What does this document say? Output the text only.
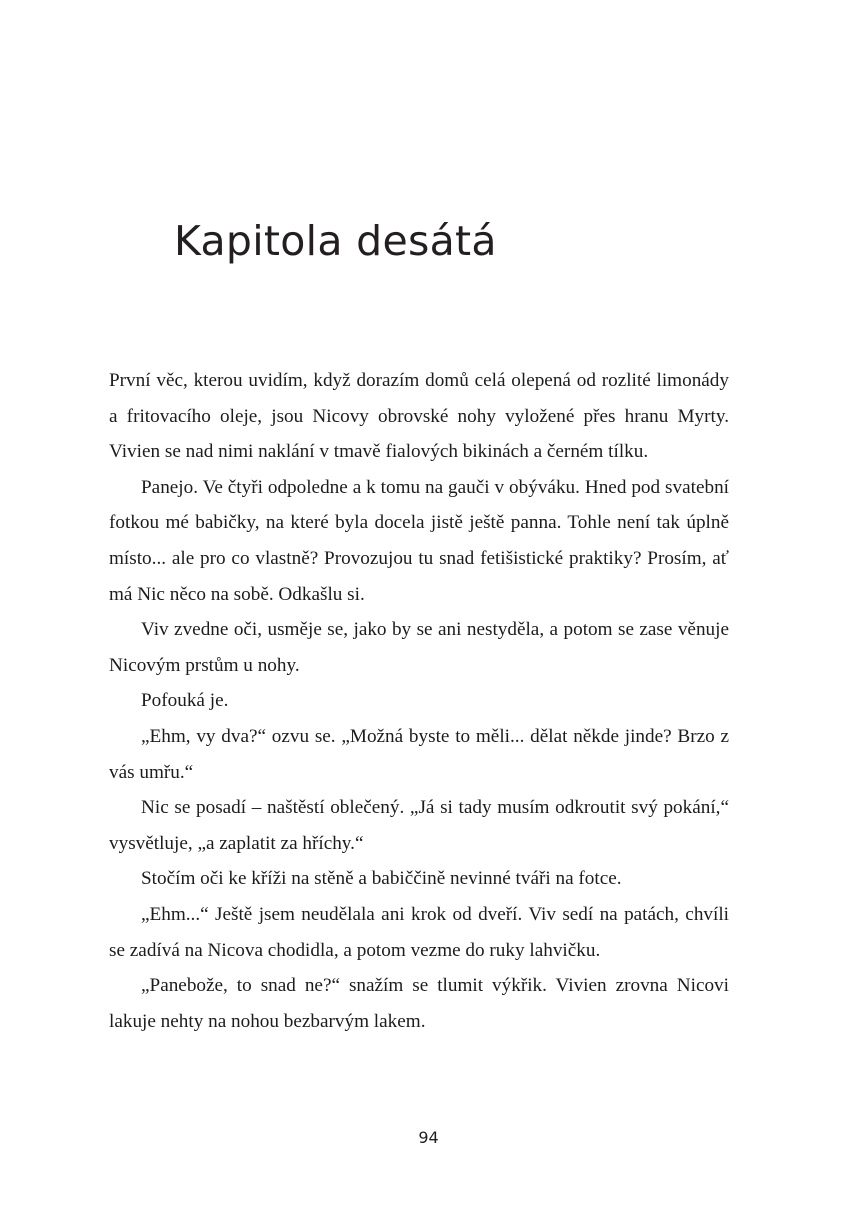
Kapitola desátá

První věc, kterou uvidím, když dorazím domů celá olepená od rozlité limonády a fritovacího oleje, jsou Nicovy obrovské nohy vyložené přes hranu Myrty. Vivien se nad nimi naklání v tmavě fialových bikinách a černém tílku.

Panejo. Ve čtyři odpoledne a k tomu na gauči v obýváku. Hned pod svatební fotkou mé babičky, na které byla docela jistě ještě panna. Tohle není tak úplně místo... ale pro co vlastně? Provozujou tu snad fetišistické praktiky? Prosím, ať má Nic něco na sobě. Odkašlu si.

Viv zvedne oči, usměje se, jako by se ani nestyděla, a potom se zase věnuje Nicovým prstům u nohy.

Pofouká je.

„Ehm, vy dva?“ ozvu se. „Možná byste to měli... dělat někde jinde? Brzo z vás umřu.“

Nic se posadí – naštěstí oblečený. „Já si tady musím odkroutit svý pokání,“ vysvětluje, „a zaplatit za hříchy.“

Stočím oči ke kříži na stěně a babiččině nevinné tváři na fotce.

„Ehm...“ Ještě jsem neudělala ani krok od dveří. Viv sedí na patách, chvíli se zadívá na Nicova chodidla, a potom vezme do ruky lahvičku.

„Panebože, to snad ne?“ snažím se tlumit výkřik. Vivien zrovna Nicovi lakuje nehty na nohou bezbarvým lakem.

94
